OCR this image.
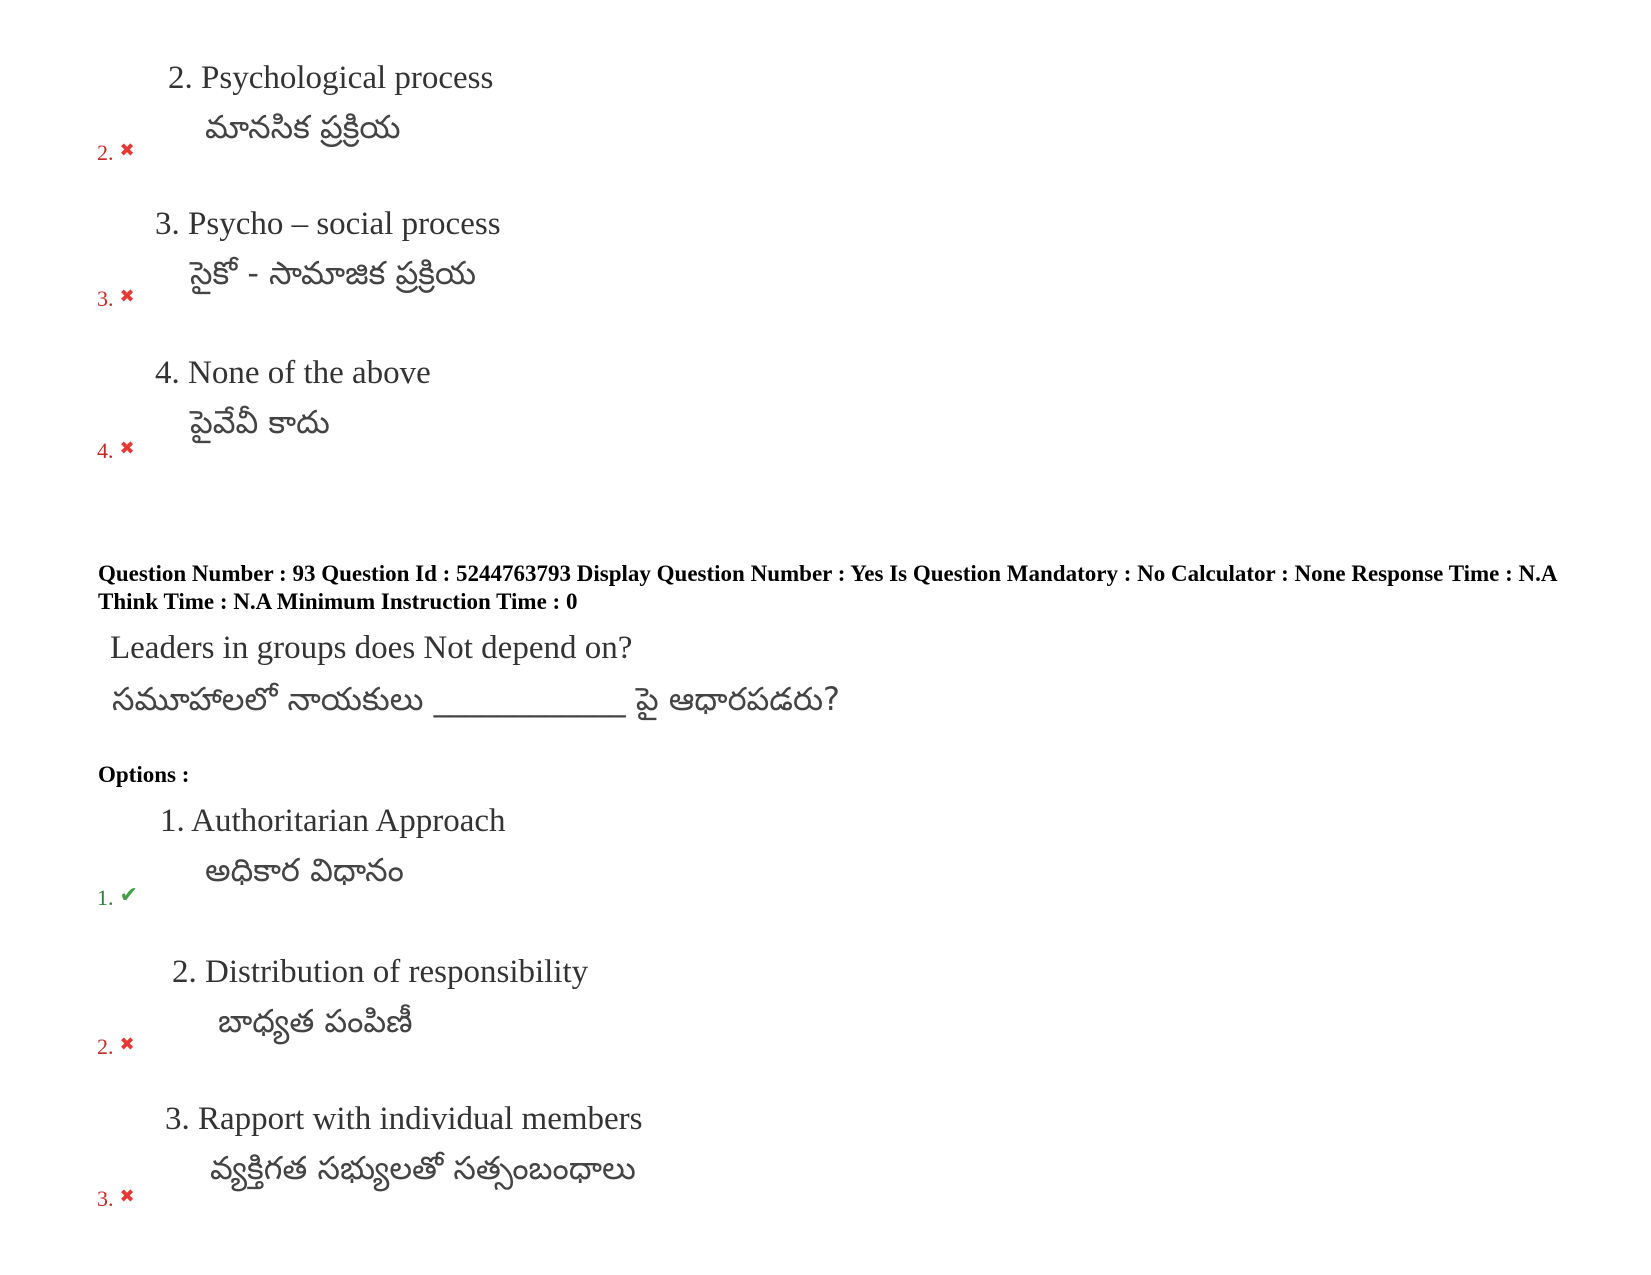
2. Psychological process
మానసిక ప్రక్రియ
2. ✖
3. Psycho – social process
సైకో - సామాజిక ప్రక్రియ
3. ✖
4. None of the above
పైవేవీ కాదు
4. ✖
Question Number : 93 Question Id : 5244763793 Display Question Number : Yes Is Question Mandatory : No Calculator : None Response Time : N.A Think Time : N.A Minimum Instruction Time : 0
Leaders in groups does Not depend on?
సమూహాలలో నాయకులు ____________ పై ఆధారపడరు?
Options :
1. Authoritarian Approach
అధికార విధానం
1. ✔
2. Distribution of responsibility
బాధ్యత పంపిణీ
2. ✖
3. Rapport with individual members
వ్యక్తిగత సభ్యులతో సత్సంబంధాలు
3. ✖
